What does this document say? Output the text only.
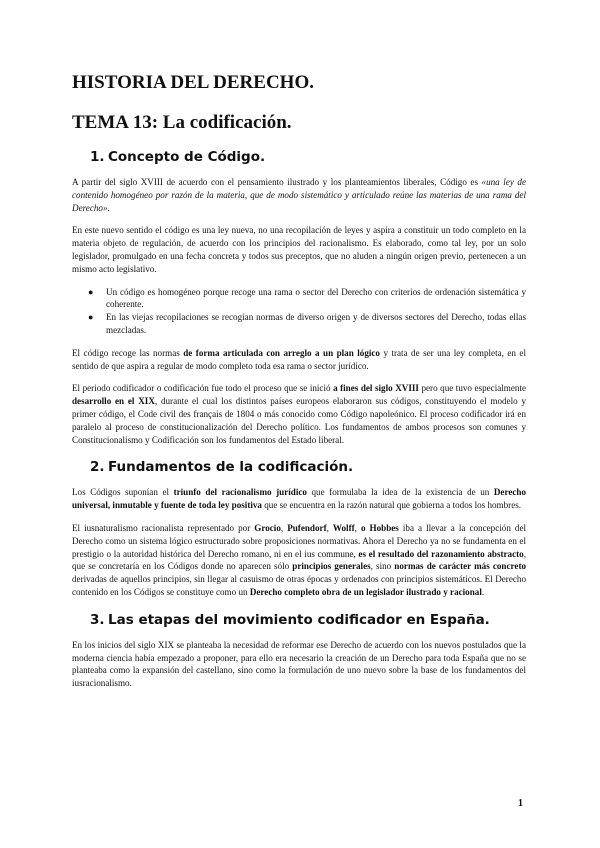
HISTORIA DEL DERECHO.
TEMA 13: La codificación.
1. Concepto de Código.

A partir del siglo XVIII de acuerdo con el pensamiento ilustrado y los planteamientos liberales, Código es «una ley de contenido homogéneo por razón de la materia, que de modo sistemático y articulado reúne las materias de una rama del Derecho».

En este nuevo sentido el código es una ley nueva, no una recopilación de leyes y aspira a constituir un todo completo en la materia objeto de regulación, de acuerdo con los principios del racionalismo. Es elaborado, como tal ley, por un solo legislador, promulgado en una fecha concreta y todos sus preceptos, que no aluden a ningún origen previo, pertenecen a un mismo acto legislativo.

● Un código es homogéneo porque recoge una rama o sector del Derecho con criterios de ordenación sistemática y coherente.
● En las viejas recopilaciones se recogían normas de diverso origen y de diversos sectores del Derecho, todas ellas mezcladas.

El código recoge las normas de forma articulada con arreglo a un plan lógico y trata de ser una ley completa, en el sentido de que aspira a regular de modo completo toda esa rama o sector jurídico.

El periodo codificador o codificación fue todo el proceso que se inició a fines del siglo XVIII pero que tuvo especialmente desarrollo en el XIX, durante el cual los distintos países europeos elaboraron sus códigos, constituyendo el modelo y primer código, el Code civil des français de 1804 o más conocido como Código napoleónico. El proceso codificador irá en paralelo al proceso de constitucionalización del Derecho político. Los fundamentos de ambos procesos son comunes y Constitucionalismo y Codificación son los fundamentos del Estado liberal.

2. Fundamentos de la codificación.

Los Códigos suponían el triunfo del racionalismo jurídico que formulaba la idea de la existencia de un Derecho universal, inmutable y fuente de toda ley positiva que se encuentra en la razón natural que gobierna a todos los hombres.

El iusnaturalismo racionalista representado por Grocio, Pufendorf, Wolff, o Hobbes iba a llevar a la concepción del Derecho como un sistema lógico estructurado sobre proposiciones normativas. Ahora el Derecho ya no se fundamenta en el prestigio o la autoridad histórica del Derecho romano, ni en el ius commune, es el resultado del razonamiento abstracto, que se concretaría en los Códigos donde no aparecen sólo principios generales, sino normas de carácter más concreto derivadas de aquellos principios, sin llegar al casuismo de otras épocas y ordenados con principios sistemáticos. El Derecho contenido en los Códigos se constituye como un Derecho completo obra de un legislador ilustrado y racional.

3. Las etapas del movimiento codificador en España.

En los inicios del siglo XIX se planteaba la necesidad de reformar ese Derecho de acuerdo con los nuevos postulados que la moderna ciencia había empezado a proponer, para ello era necesario la creación de un Derecho para toda España que no se planteaba como la expansión del castellano, sino como la formulación de uno nuevo sobre la base de los fundamentos del iusracionalismo.

1
